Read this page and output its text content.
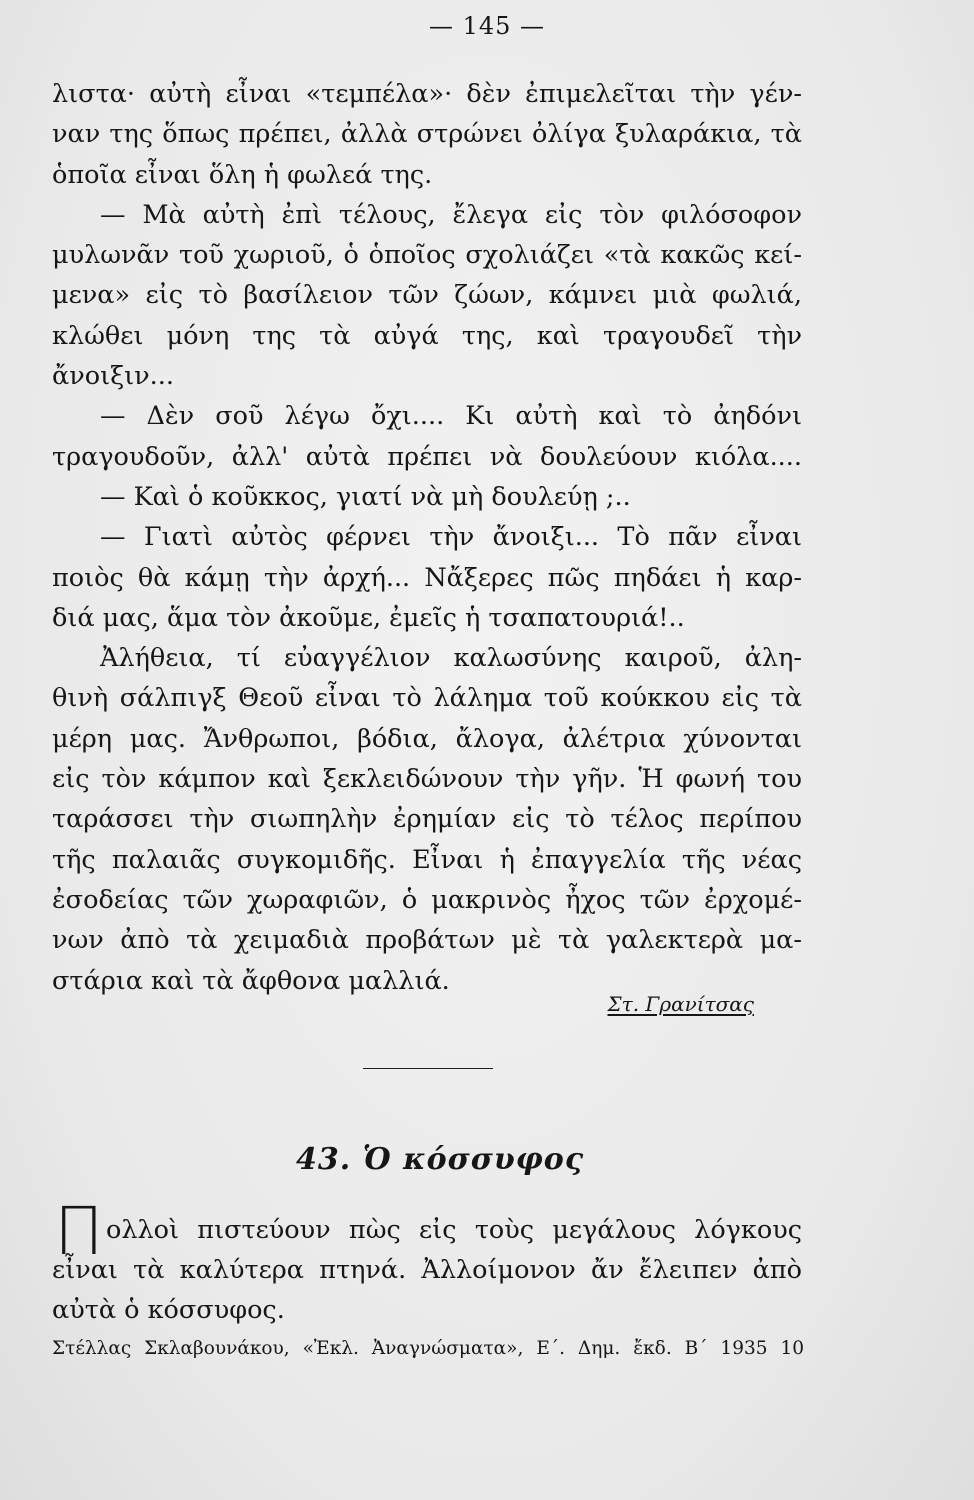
— 145 —
λιστα· αὐτὴ εἶναι «τεμπέλα»· δὲν ἐπιμελεῖται τὴν γέν-
ναν της ὅπως πρέπει, ἀλλὰ στρώνει ὀλίγα ξυλαράκια, τὰ
ὁποῖα εἶναι ὅλη ἡ φωλεά της.
— Μὰ αὐτὴ ἐπὶ τέλους, ἔλεγα εἰς τὸν φιλόσοφον
μυλωνᾶν τοῦ χωριοῦ, ὁ ὁποῖος σχολιάζει «τὰ κακῶς κεί-
μενα» εἰς τὸ βασίλειον τῶν ζώων, κάμνει μιὰ φωλιά,
κλώθει μόνη της τὰ αὐγά της, καὶ τραγουδεῖ τὴν
ἄνοιξιν...
— Δὲν σοῦ λέγω ὄχι.... Κι αὐτὴ καὶ τὸ ἀηδόνι
τραγουδοῦν, ἀλλ' αὐτὰ πρέπει νὰ δουλεύουν κιόλα....
— Καὶ ὁ κοῦκκος, γιατί νὰ μὴ δουλεύῃ ;..
— Γιατὶ αὐτὸς φέρνει τὴν ἄνοιξι... Τὸ πᾶν εἶναι
ποιὸς θὰ κάμῃ τὴν ἀρχή... Νἄξερες πῶς πηδάει ἡ καρ-
διά μας, ἅμα τὸν ἀκοῦμε, ἐμεῖς ἡ τσαπατουριά!..
Ἀλήθεια, τί εὐαγγέλιον καλωσύνης καιροῦ, ἀλη-
θινὴ σάλπιγξ Θεοῦ εἶναι τὸ λάλημα τοῦ κούκκου εἰς τὰ
μέρη μας. Ἄνθρωποι, βόδια, ἄλογα, ἀλέτρια χύνονται
εἰς τὸν κάμπον καὶ ξεκλειδώνουν τὴν γῆν. Ἡ φωνή του
ταράσσει τὴν σιωπηλὴν ἐρημίαν εἰς τὸ τέλος περίπου
τῆς παλαιᾶς συγκομιδῆς. Εἶναι ἡ ἐπαγγελία τῆς νέας
ἐσοδείας τῶν χωραφιῶν, ὁ μακρινὸς ἦχος τῶν ἐρχομέ-
νων ἀπὸ τὰ χειμαδιὰ προβάτων μὲ τὰ γαλεκτερὰ μα-
στάρια καὶ τὰ ἄφθονα μαλλιά.
Στ. Γρανίτσας
43. Ὁ κόσσυφος
Π ολλοὶ πιστεύουν πὼς εἰς τοὺς μεγάλους λόγκους
εἶναι τὰ καλύτερα πτηνά. Ἀλλοίμονον ἄν ἔλειπεν ἀπὸ
αὐτὰ ὁ κόσσυφος.
Στέλλας Σκλαβουνάκου, «Ἐκλ. Ἀναγνώσματα», Ε΄. Δημ. ἔκδ. Β΄ 1935 10
